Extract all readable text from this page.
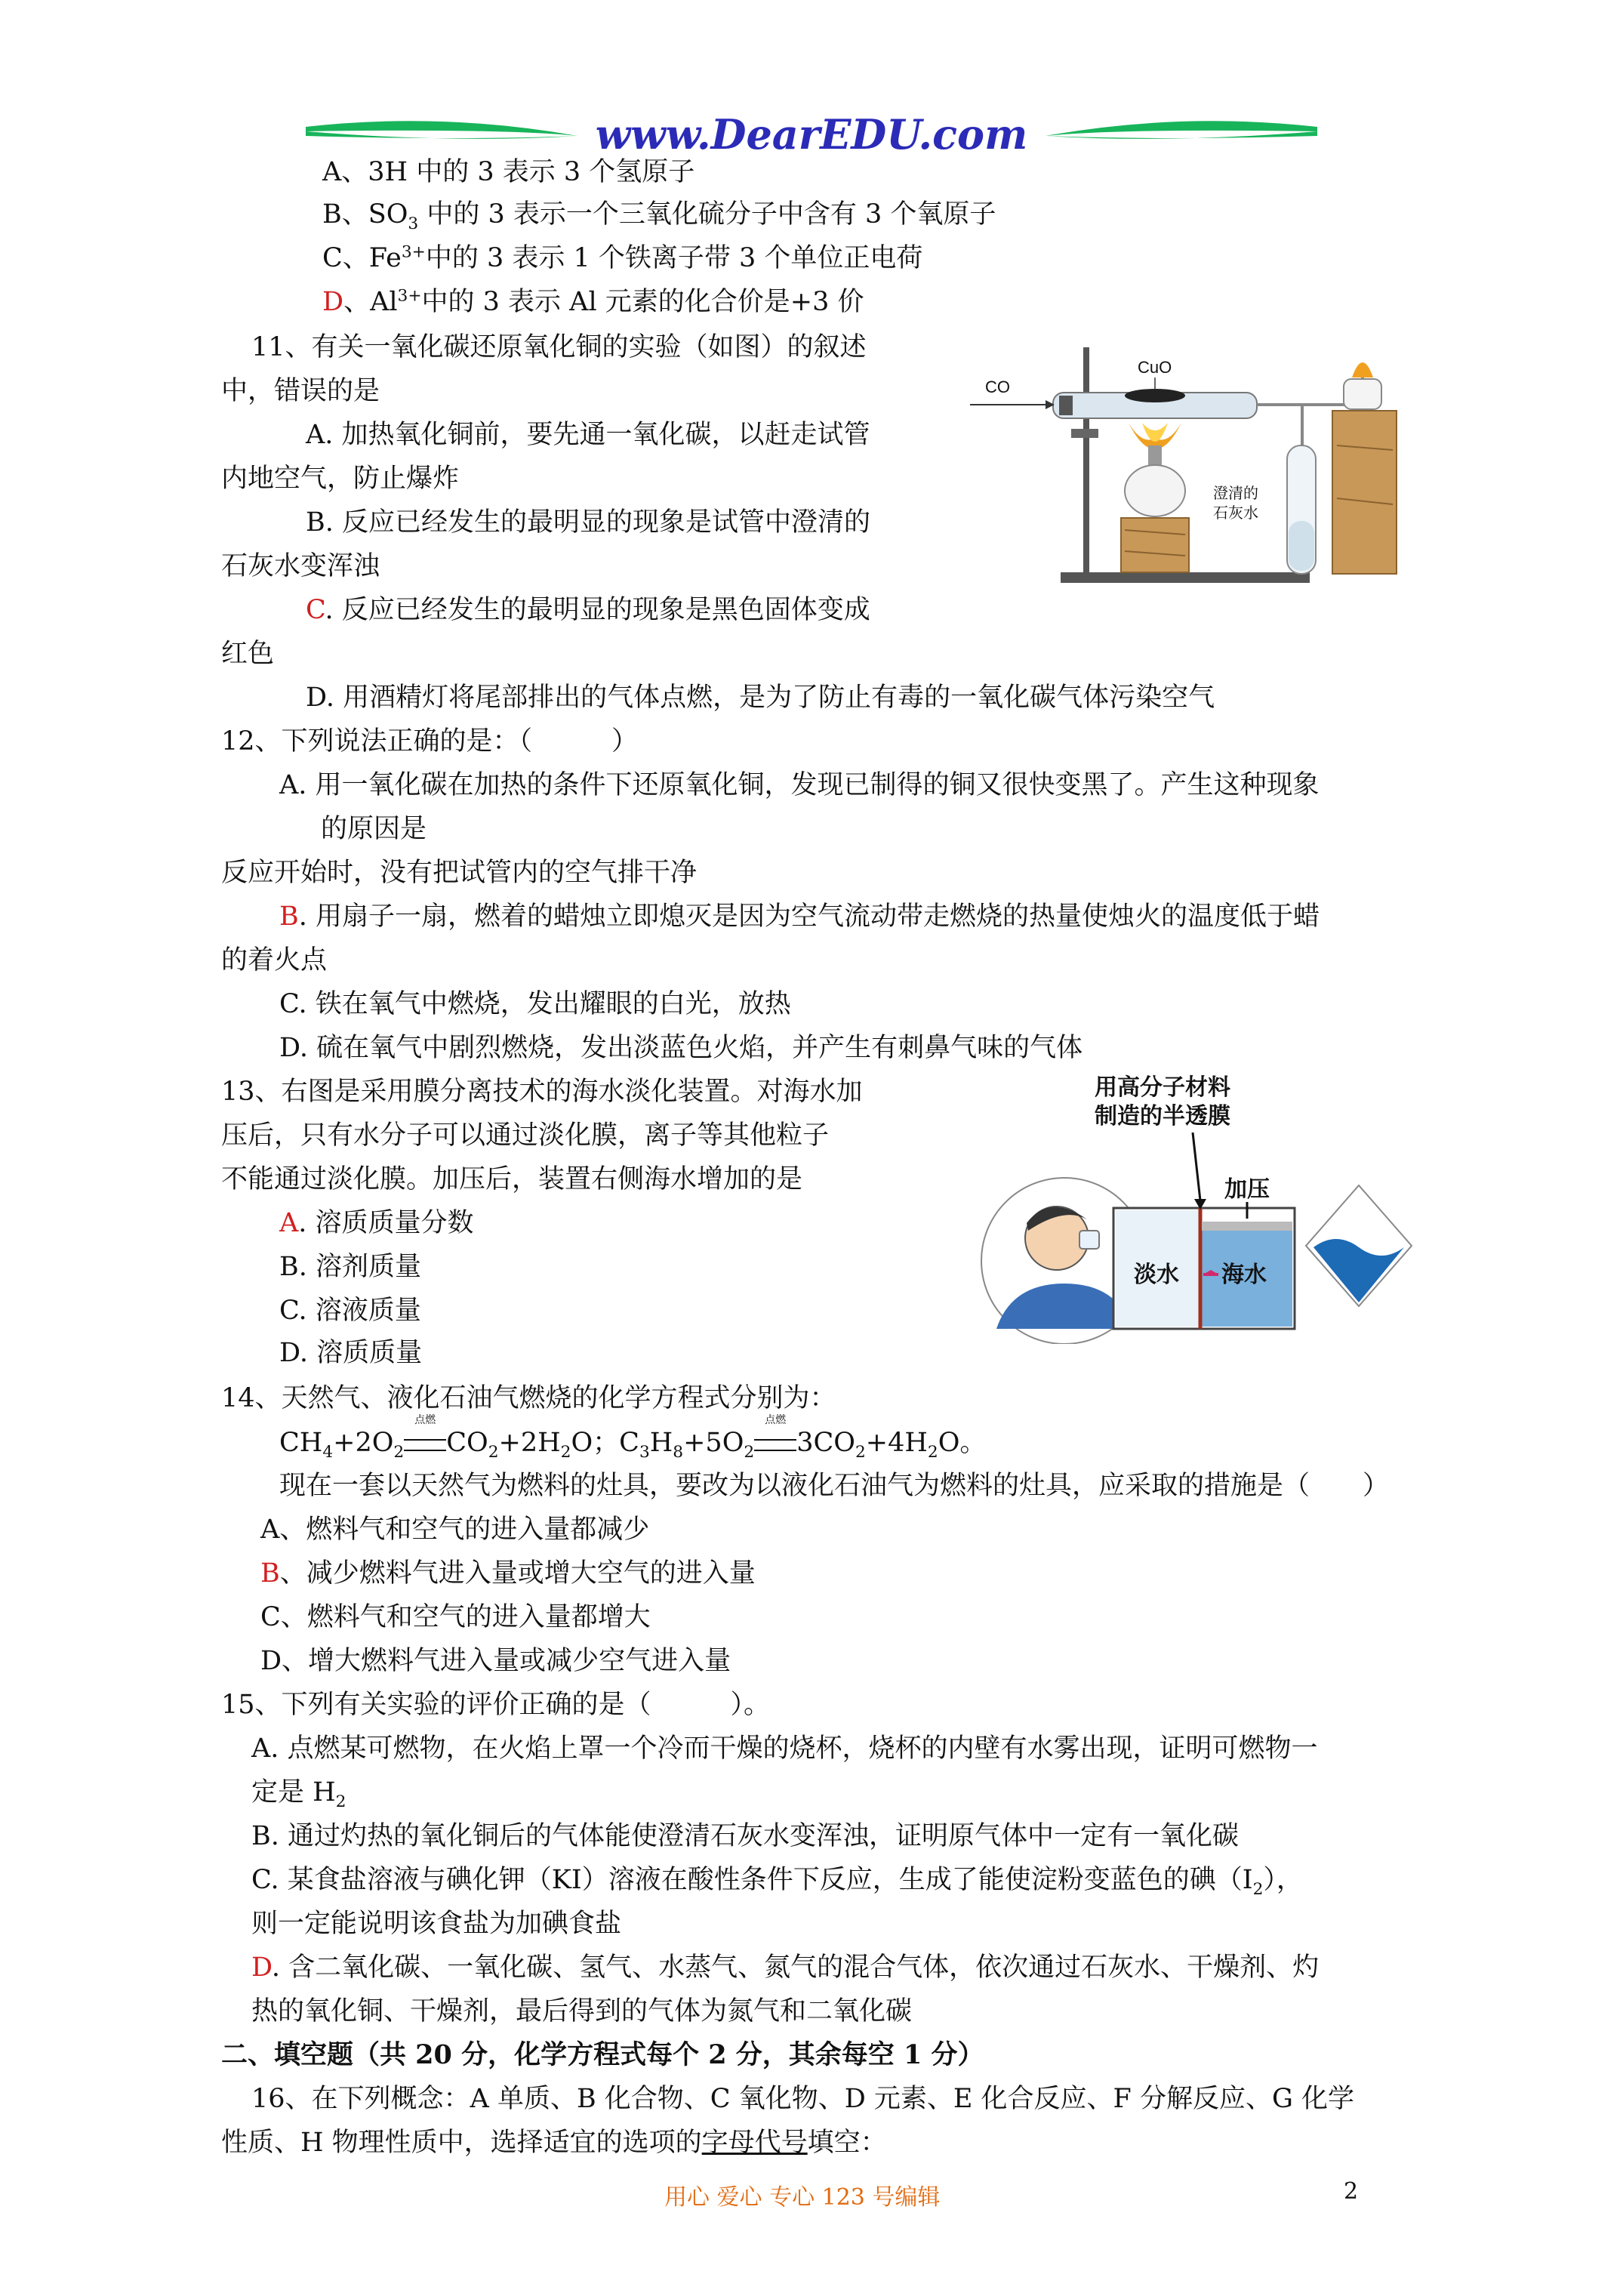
www.DearEDU.com
A、3H 中的 3 表示 3 个氢原子
B、$SO_3$ 中的 3 表示一个三氧化硫分子中含有 3 个氧原子
C、$Fe^{3+}$中的 3 表示 1 个铁离子带 3 个单位正电荷
D、$Al^{3+}$中的 3 表示 Al 元素的化合价是+3 价
11、有关一氧化碳还原氧化铜的实验（如图）的叙述
中，错误的是
A. 加热氧化铜前，要先通一氧化碳，以赶走试管
内地空气，防止爆炸
B. 反应已经发生的最明显的现象是试管中澄清的
石灰水变浑浊
C. 反应已经发生的最明显的现象是黑色固体变成
红色
D. 用酒精灯将尾部排出的气体点燃，是为了防止有毒的一氧化碳气体污染空气
CO
CuO
澄清的
石灰水
12、下列说法正确的是：（　　　）
A. 用一氧化碳在加热的条件下还原氧化铜，发现已制得的铜又很快变黑了。产生这种现象
的原因是
反应开始时，没有把试管内的空气排干净
B. 用扇子一扇，燃着的蜡烛立即熄灭是因为空气流动带走燃烧的热量使烛火的温度低于蜡
的着火点
C. 铁在氧气中燃烧，发出耀眼的白光，放热
D. 硫在氧气中剧烈燃烧，发出淡蓝色火焰，并产生有刺鼻气味的气体
13、右图是采用膜分离技术的海水淡化装置。对海水加
压后，只有水分子可以通过淡化膜，离子等其他粒子
不能通过淡化膜。加压后，装置右侧海水增加的是
A. 溶质质量分数
B. 溶剂质量
C. 溶液质量
D. 溶质质量
用高分子材料
制造的半透膜
加压
淡水 海水
14、天然气、液化石油气燃烧的化学方程式分别为：
$CH_4+2O_2$
点燃
$CO_2+2H_2O$；$C_3H_8+5O_2$
点燃
$3CO_2+4H_2O$。
现在一套以天然气为燃料的灶具，要改为以液化石油气为燃料的灶具，应采取的措施是（　　）
A、燃料气和空气的进入量都减少
B、减少燃料气进入量或增大空气的进入量
C、燃料气和空气的进入量都增大
D、增大燃料气进入量或减少空气进入量
15、下列有关实验的评价正确的是（　　　）。
A. 点燃某可燃物，在火焰上罩一个冷而干燥的烧杯，烧杯的内壁有水雾出现，证明可燃物一
定是 $H_2$
B. 通过灼热的氧化铜后的气体能使澄清石灰水变浑浊，证明原气体中一定有一氧化碳
C. 某食盐溶液与碘化钾（KI）溶液在酸性条件下反应，生成了能使淀粉变蓝色的碘$(I_2)$，
则一定能说明该食盐为加碘食盐
D. 含二氧化碳、一氧化碳、氢气、水蒸气、氮气的混合气体，依次通过石灰水、干燥剂、灼
热的氧化铜、干燥剂，最后得到的气体为氮气和二氧化碳
二、填空题（共 20 分，化学方程式每个 2 分，其余每空 1 分）
16、在下列概念：A 单质、B 化合物、C 氧化物、D 元素、E 化合反应、F 分解反应、G 化学
性质、H 物理性质中，选择适宜的选项的字母代号填空：
用心 爱心 专心 123 号编辑	2
